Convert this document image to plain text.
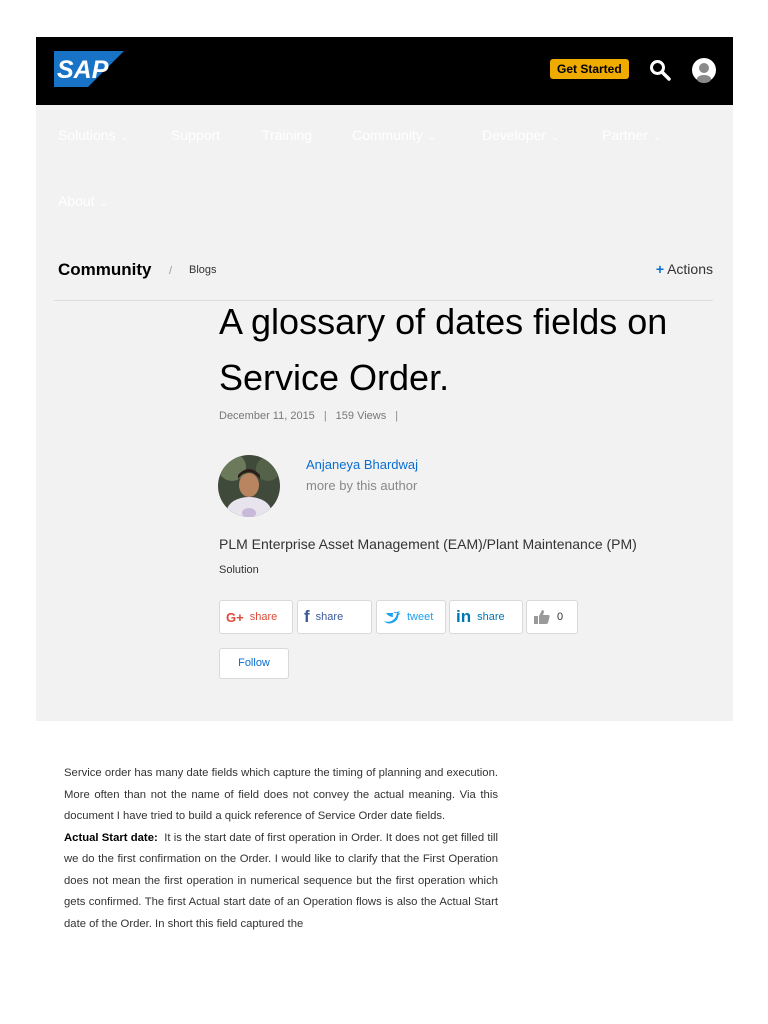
SAP	Get Started
Solutions ⌄	Support	Training	Community ⌄	Developer ⌄	Partner ⌄
About ⌄
Community / Blogs	+ Actions
A glossary of dates fields on Service Order.
December 11, 2015 | 159 Views |
Anjaneya Bhardwaj
more by this author
PLM Enterprise Asset Management (EAM)/Plant Maintenance (PM)
Solution
G+ share f share	tweet in share	0
Follow

Service order has many date fields which capture the timing of planning and execution. More often than not the name of field does not convey the actual meaning. Via this document I have tried to build a quick reference of Service Order date fields.

Actual Start date: It is the start date of first operation in Order. It does not get filled till we do the first confirmation on the Order. I would like to clarify that the First Operation does not mean the first operation in numerical sequence but the first operation which gets confirmed. The first Actual start date of an Operation flows is also the Actual Start date of the Order. In short this field captured the
